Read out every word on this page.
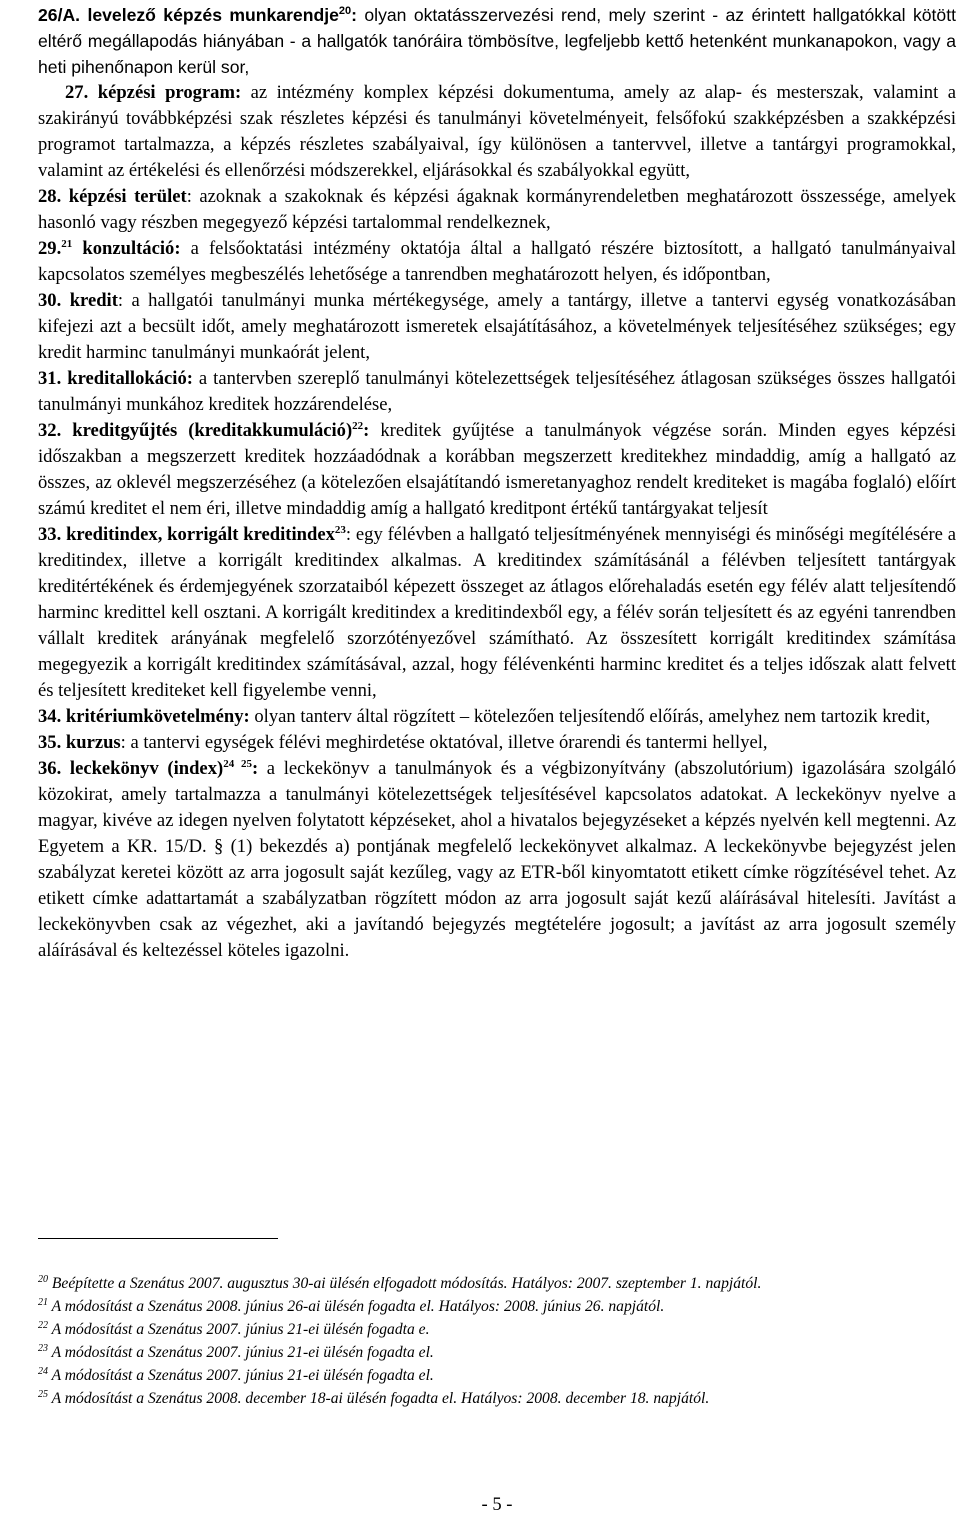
26/A. levelező képzés munkarendje$^{20}$: olyan oktatásszervezési rend, mely szerint - az érintett hallgatókkal kötött eltérő megállapodás hiányában - a hallgatók tanóráira tömbösítve, legfeljebb kettő hetenként munkanapokon, vagy a heti pihenőnapon kerül sor,

27. képzési program: az intézmény komplex képzési dokumentuma, amely az alap- és mesterszak, valamint a szakirányú továbbképzési szak részletes képzési és tanulmányi követelményeit, felsőfokú szakképzésben a szakképzési programot tartalmazza, a képzés részletes szabályaival, így különösen a tantervvel, illetve a tantárgyi programokkal, valamint az értékelési és ellenőrzési módszerekkel, eljárásokkal és szabályokkal együtt,

28. képzési terület: azoknak a szakoknak és képzési ágaknak kormányrendeletben meghatározott összessége, amelyek hasonló vagy részben megegyező képzési tartalommal rendelkeznek,

29.21 konzultáció: a felsőoktatási intézmény oktatója által a hallgató részére biztosított, a hallgató tanulmányaival kapcsolatos személyes megbeszélés lehetősége a tanrendben meghatározott helyen, és időpontban,

30. kredit: a hallgatói tanulmányi munka mértékegysége, amely a tantárgy, illetve a tantervi egység vonatkozásában kifejezi azt a becsült időt, amely meghatározott ismeretek elsajátításához, a követelmények teljesítéséhez szükséges; egy kredit harminc tanulmányi munkaórát jelent,

31. kreditallokáció: a tantervben szereplő tanulmányi kötelezettségek teljesítéséhez átlagosan szükséges összes hallgatói tanulmányi munkához kreditek hozzárendelése,

32. kreditgyűjtés (kreditakkumuláció)$^{22}$: kreditek gyűjtése a tanulmányok végzése során. Minden egyes képzési időszakban a megszerzett kreditek hozzáadódnak a korábban megszerzett kreditekhez mindaddig, amíg a hallgató az összes, az oklevél megszerzéséhez (a kötelezően elsajátítandó ismeretanyaghoz rendelt krediteket is magába foglaló) előírt számú kreditet el nem éri, illetve mindaddig amíg a hallgató kreditpont értékű tantárgyakat teljesít

33. kreditindex, korrigált kreditindex$^{23}$: egy félévben a hallgató teljesítményének mennyiségi és minőségi megítélésére a kreditindex, illetve a korrigált kreditindex alkalmas. A kreditindex számításánál a félévben teljesített tantárgyak kreditértékének és érdemjegyének szorzataiból képezett összeget az átlagos előrehaladás esetén egy félév alatt teljesítendő harminc kredittel kell osztani. A korrigált kreditindex a kreditindexből egy, a félév során teljesített és az egyéni tanrendben vállalt kreditek arányának megfelelő szorzótényezővel számítható. Az összesített korrigált kreditindex számítása megegyezik a korrigált kreditindex számításával, azzal, hogy félévenkénti harminc kreditet és a teljes időszak alatt felvett és teljesített krediteket kell figyelembe venni,

34. kritériumkövetelmény: olyan tanterv által rögzített – kötelezően teljesítendő előírás, amelyhez nem tartozik kredit,

35. kurzus: a tantervi egységek félévi meghirdetése oktatóval, illetve órarendi és tantermi hellyel,

36. leckekönyv (index)$^{24 25}$: a leckekönyv a tanulmányok és a végbizonyítvány (abszolutórium) igazolására szolgáló közokirat, amely tartalmazza a tanulmányi kötelezettségek teljesítésével kapcsolatos adatokat. A leckekönyv nyelve a magyar, kivéve az idegen nyelven folytatott képzéseket, ahol a hivatalos bejegyzéseket a képzés nyelvén kell megtenni. Az Egyetem a KR. 15/D. § (1) bekezdés a) pontjának megfelelő leckekönyvet alkalmaz. A leckekönyvbe bejegyzést jelen szabályzat keretei között az arra jogosult saját kezűleg, vagy az ETR-ből kinyomtatott etikett címke rögzítésével tehet. Az etikett címke adattartamát a szabályzatban rögzített módon az arra jogosult saját kezű aláírásával hitelesíti. Javítást a leckekönyvben csak az végezhet, aki a javítandó bejegyzés megtételére jogosult; a javítást az arra jogosult személy aláírásával és keltezéssel köteles igazolni.

$^{20}$ Beépítette a Szenátus 2007. augusztus 30-ai ülésén elfogadott módosítás. Hatályos: 2007. szeptember 1. napjától.

$^{21}$ A módosítást a Szenátus 2008. június 26-ai ülésén fogadta el. Hatályos: 2008. június 26. napjától.

$^{22}$ A módosítást a Szenátus 2007. június 21-ei ülésén fogadta e.

$^{23}$ A módosítást a Szenátus 2007. június 21-ei ülésén fogadta el.

$^{24}$ A módosítást a Szenátus 2007. június 21-ei ülésén fogadta el.

$^{25}$ A módosítást a Szenátus 2008. december 18-ai ülésén fogadta el. Hatályos: 2008. december 18. napjától.

- 5 -
